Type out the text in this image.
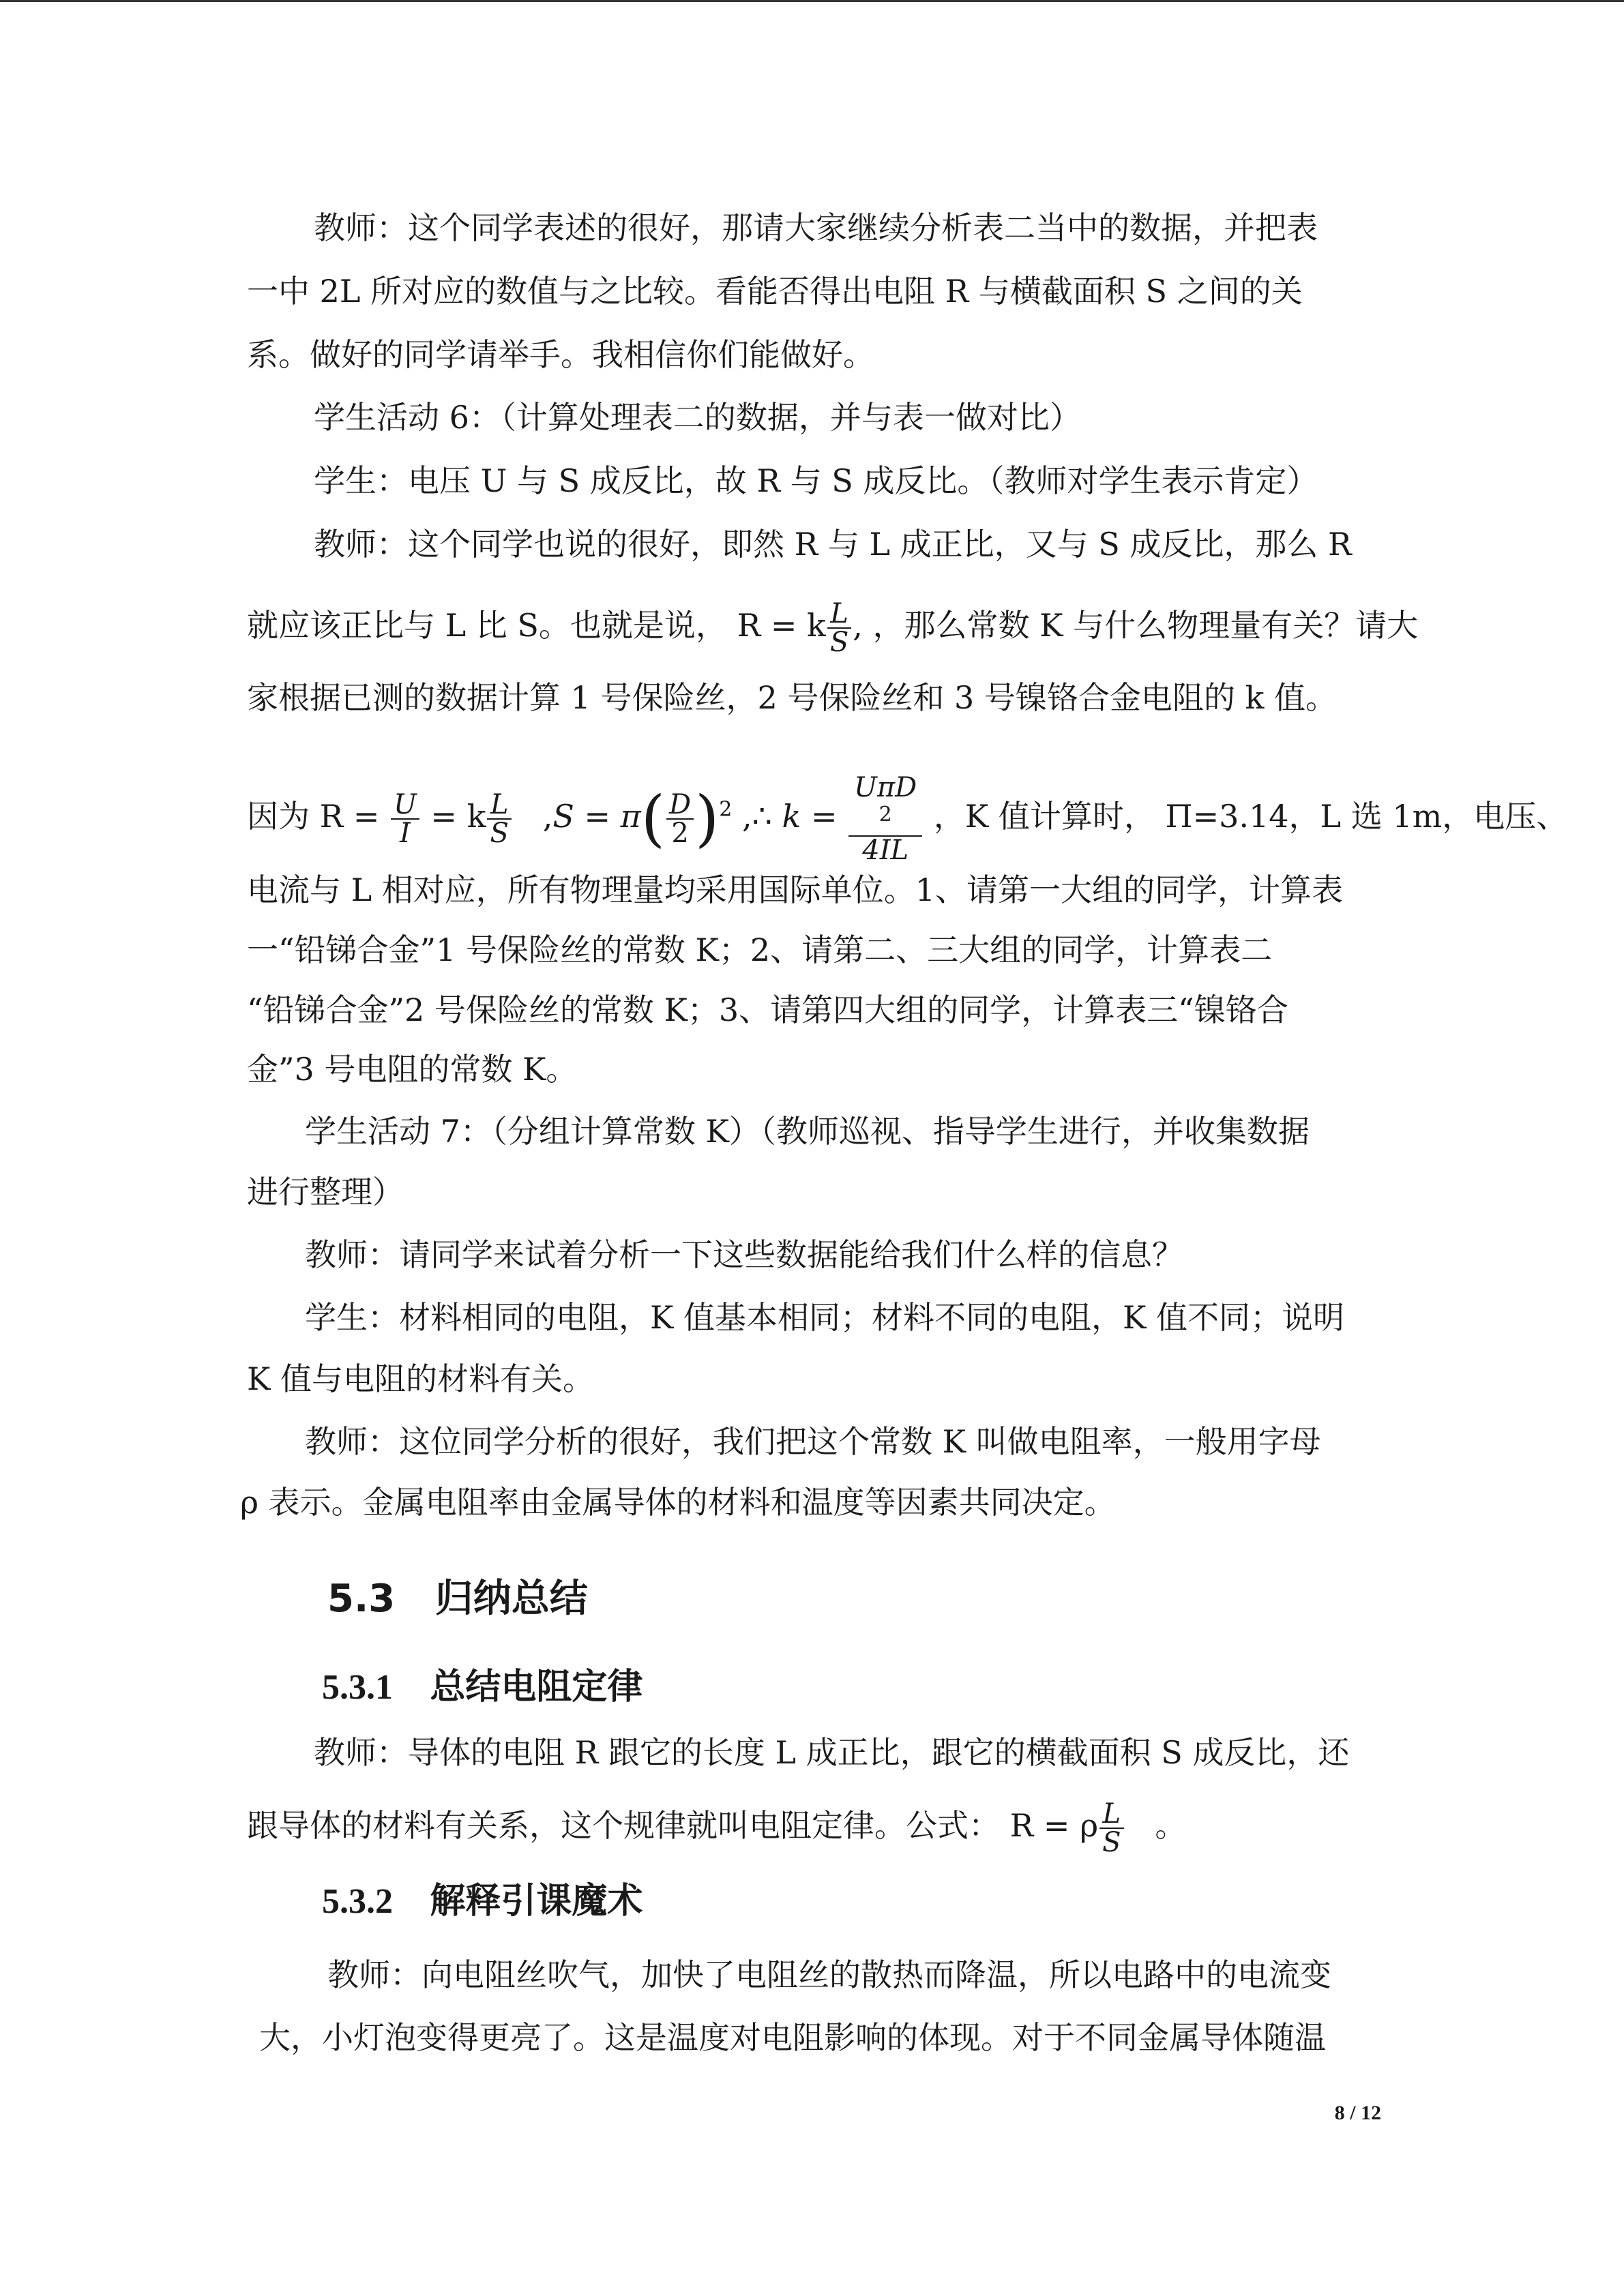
教师：这个同学表述的很好，那请大家继续分析表二当中的数据，并把表

一中 2L 所对应的数值与之比较。看能否得出电阻 R 与横截面积 S 之间的关

系。做好的同学请举手。我相信你们能做好。

学生活动 6：（计算处理表二的数据，并与表一做对比）

学生：电压 U 与 S 成反比，故 R 与 S 成反比。（教师对学生表示肯定）

教师：这个同学也说的很好，即然 R 与 L 成正比，又与 S 成反比，那么 R

就应该正比与 L 比 S。也就是说， R = k $\frac{L}{S}$ , ，那么常数 K 与什么物理量有关？请大

家根据已测的数据计算 1 号保险丝，2 号保险丝和 3 号镍铬合金电阻的 k 值。

因为 $R = \frac{U}{I} = k \frac{L}{S} ,S = \pi( \frac{D}{2} )^2$ ,∴ k = UπD
$^2$
4IL ，K 值计算时， Π=3.14，L 选 1m，电压、

电流与 L 相对应，所有物理量均采用国际单位。1、请第一大组的同学，计算表

一“铅锑合金”1 号保险丝的常数 K；2、请第二、三大组的同学，计算表二

“铅锑合金”2 号保险丝的常数 K；3、请第四大组的同学，计算表三“镍铬合

金”3 号电阻的常数 K。

学生活动 7：（分组计算常数 K）（教师巡视、指导学生进行，并收集数据

进行整理）

教师：请同学来试着分析一下这些数据能给我们什么样的信息？

学生：材料相同的电阻，K 值基本相同；材料不同的电阻，K 值不同；说明

K 值与电阻的材料有关。

教师：这位同学分析的很好，我们把这个常数 K 叫做电阻率，一般用字母

ρ 表示。金属电阻率由金属导体的材料和温度等因素共同决定。

5.3 归纳总结
5.3.1 总结电阻定律

教师：导体的电阻 R 跟它的长度 L 成正比，跟它的横截面积 S 成反比，还

跟导体的材料有关系，这个规律就叫电阻定律。公式： R = ρ $\frac{L}{S}$ 。

5.3.2 解释引课魔术

教师：向电阻丝吹气，加快了电阻丝的散热而降温，所以电路中的电流变

大，小灯泡变得更亮了。这是温度对电阻影响的体现。对于不同金属导体随温

8 / 12
